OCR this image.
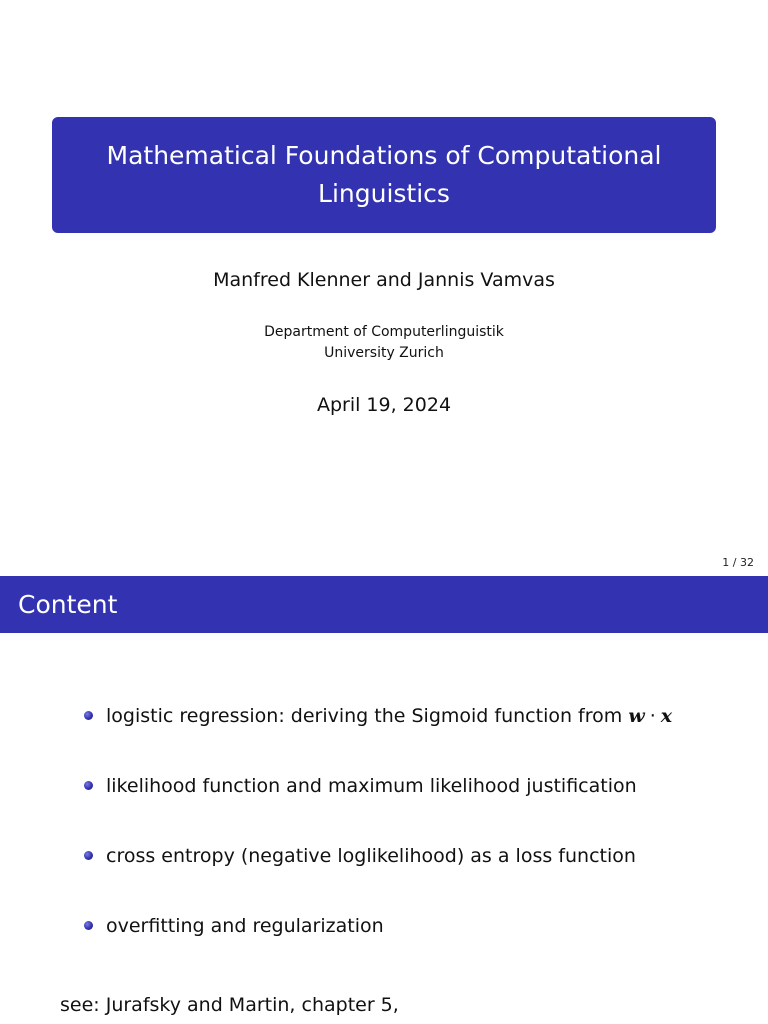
Mathematical Foundations of Computational Linguistics
Manfred Klenner and Jannis Vamvas
Department of Computerlinguistik
University Zurich
April 19, 2024
1 / 32
Content
logistic regression: deriving the Sigmoid function from w · x
likelihood function and maximum likelihood justification
cross entropy (negative loglikelihood) as a loss function
overfitting and regularization
see: Jurafsky and Martin, chapter 5,
